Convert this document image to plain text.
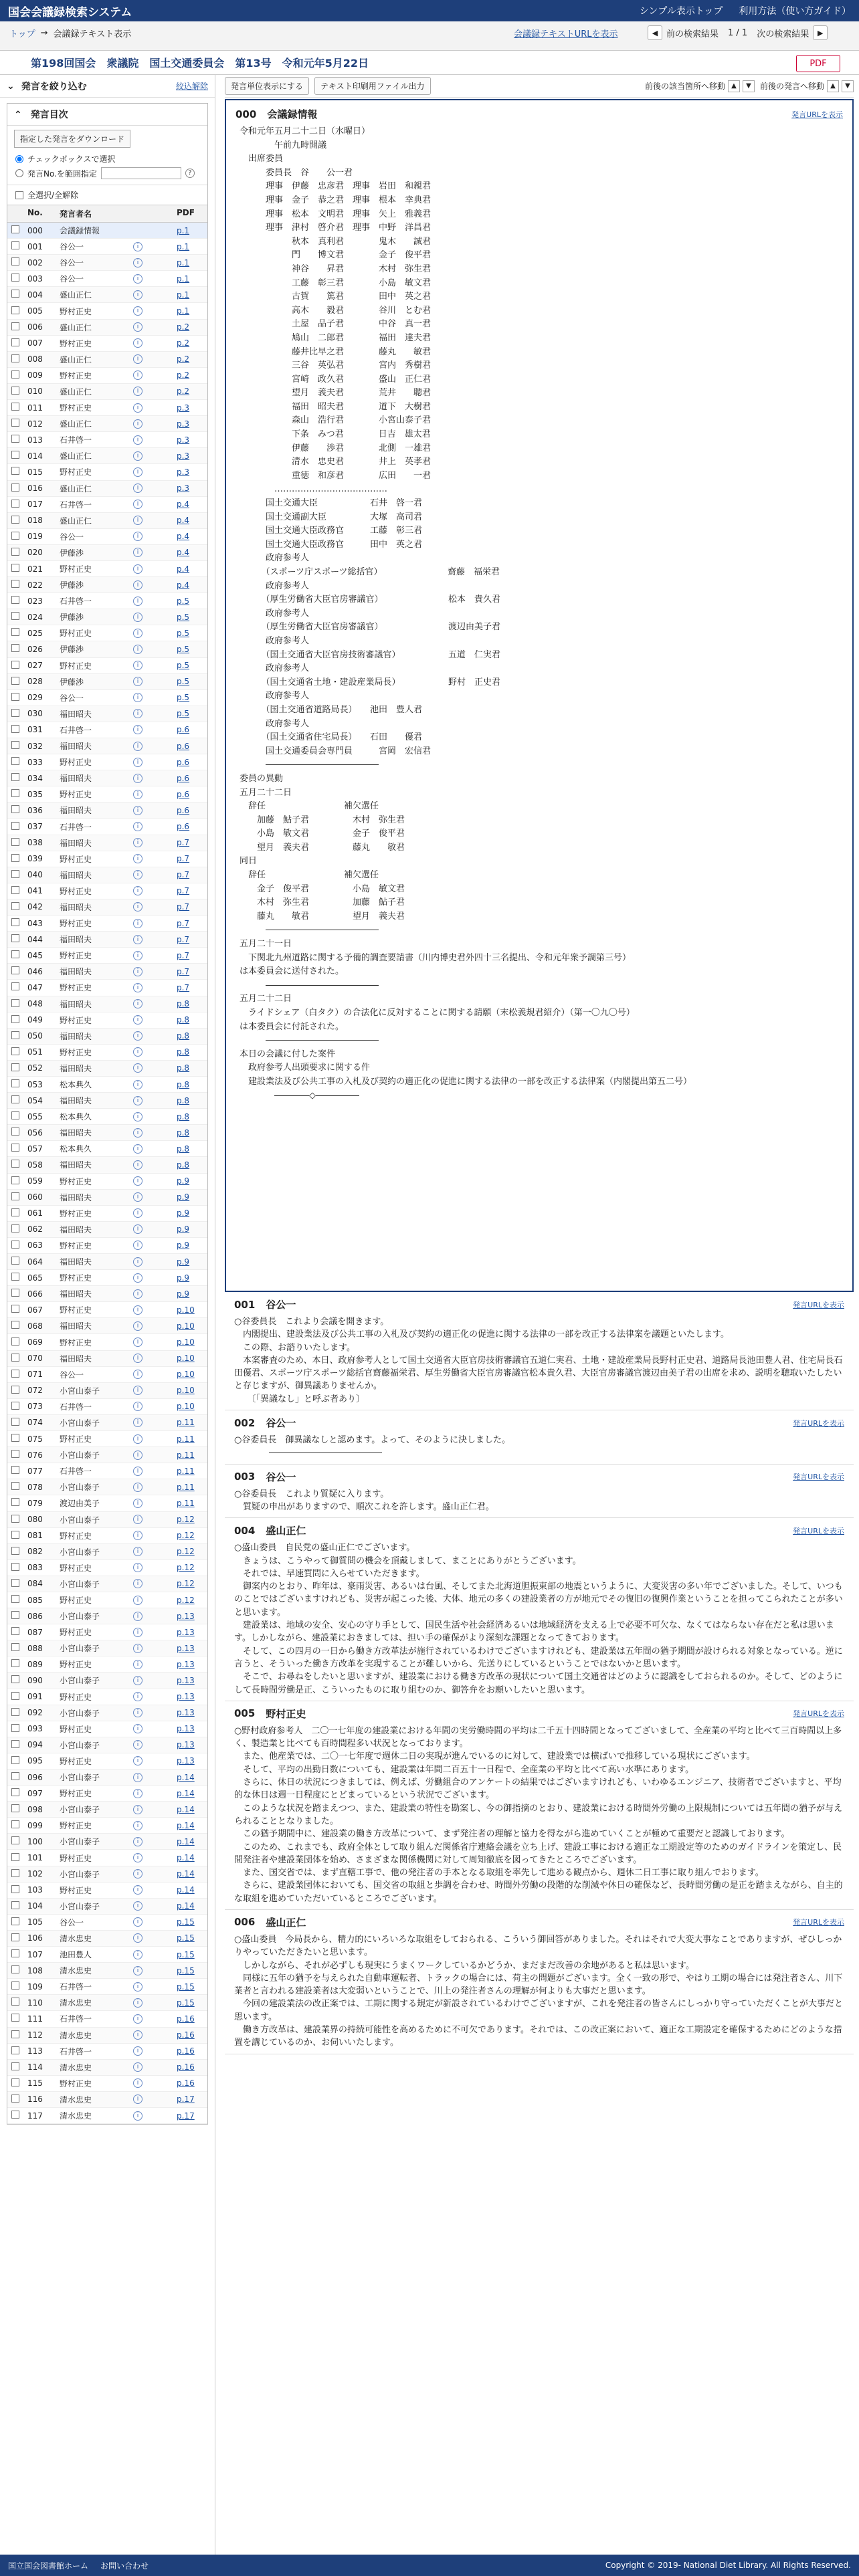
国会会議録検索システム	シンプル表示トップ 利用方法（使い方ガイド）
トップ → 会議録テキスト表示	会議録テキストURLを表示	◀ 前の検索結果 1 / 1 次の検索結果	▶
第198回国会　衆議院　国土交通委員会　第13号　令和元年5月22日	PDF
⌄ 発言を絞り込む	絞込解除
⌃ 発言目次
指定した発言をダウンロード
チェックボックスで選択
発言No.を範囲指定	?
全選択/全解除
No.	発言者名	PDF
000	会議録情報	p.1
001	谷公一	i	p.1
002	谷公一	i	p.1
003	谷公一	i	p.1
004	盛山正仁	i	p.1
005	野村正史	i	p.1
006	盛山正仁	i	p.2
007	野村正史	i	p.2
008	盛山正仁	i	p.2
009	野村正史	i	p.2
010	盛山正仁	i	p.2
011	野村正史	i	p.3
012	盛山正仁	i	p.3
013	石井啓一	i	p.3
014	盛山正仁	i	p.3
015	野村正史	i	p.3
016	盛山正仁	i	p.3
017	石井啓一	i	p.4
018	盛山正仁	i	p.4
019	谷公一	i	p.4
020	伊藤渉	i	p.4
021	野村正史	i	p.4
022	伊藤渉	i	p.4
023	石井啓一	i	p.5
024	伊藤渉	i	p.5
025	野村正史	i	p.5
026	伊藤渉	i	p.5
027	野村正史	i	p.5
028	伊藤渉	i	p.5
029	谷公一	i	p.5
030	福田昭夫	i	p.5
031	石井啓一	i	p.6
032	福田昭夫	i	p.6
033	野村正史	i	p.6
034	福田昭夫	i	p.6
035	野村正史	i	p.6
036	福田昭夫	i	p.6
037	石井啓一	i	p.6
038	福田昭夫	i	p.7
039	野村正史	i	p.7
040	福田昭夫	i	p.7
041	野村正史	i	p.7
042	福田昭夫	i	p.7
043	野村正史	i	p.7
044	福田昭夫	i	p.7
045	野村正史	i	p.7
046	福田昭夫	i	p.7
047	野村正史	i	p.7
048	福田昭夫	i	p.8
049	野村正史	i	p.8
050	福田昭夫	i	p.8
051	野村正史	i	p.8
052	福田昭夫	i	p.8
053	松本典久	i	p.8
054	福田昭夫	i	p.8
055	松本典久	i	p.8
056	福田昭夫	i	p.8
057	松本典久	i	p.8
058	福田昭夫	i	p.8
059	野村正史	i	p.9
060	福田昭夫	i	p.9
061	野村正史	i	p.9
062	福田昭夫	i	p.9
063	野村正史	i	p.9
064	福田昭夫	i	p.9
065	野村正史	i	p.9
066	福田昭夫	i	p.9
067	野村正史	i	p.10
068	福田昭夫	i	p.10
069	野村正史	i	p.10
070	福田昭夫	i	p.10
071	谷公一	i	p.10
072	小宮山泰子	i	p.10
073	石井啓一	i	p.10
074	小宮山泰子	i	p.11
075	野村正史	i	p.11
076	小宮山泰子	i	p.11
077	石井啓一	i	p.11
078	小宮山泰子	i	p.11
079	渡辺由美子	i	p.11
080	小宮山泰子	i	p.12
081	野村正史	i	p.12
082	小宮山泰子	i	p.12
083	野村正史	i	p.12
084	小宮山泰子	i	p.12
085	野村正史	i	p.12
086	小宮山泰子	i	p.13
087	野村正史	i	p.13
088	小宮山泰子	i	p.13
089	野村正史	i	p.13
090	小宮山泰子	i	p.13
091	野村正史	i	p.13
092	小宮山泰子	i	p.13
093	野村正史	i	p.13
094	小宮山泰子	i	p.13
095	野村正史	i	p.13
096	小宮山泰子	i	p.14
097	野村正史	i	p.14
098	小宮山泰子	i	p.14
099	野村正史	i	p.14
100	小宮山泰子	i	p.14
101	野村正史	i	p.14
102	小宮山泰子	i	p.14
103	野村正史	i	p.14
104	小宮山泰子	i	p.14
105	谷公一	i	p.15
106	清水忠史	i	p.15
107	池田豊人	i	p.15
108	清水忠史	i	p.15
109	石井啓一	i	p.15
110	清水忠史	i	p.15
111	石井啓一	i	p.16
112	清水忠史	i	p.16
113	石井啓一	i	p.16
114	清水忠史	i	p.16
115	野村正史	i	p.16
116	清水忠史	i	p.17
117	清水忠史	i	p.17
発言単位表示にする	テキスト印刷用ファイル出力	前後の該当箇所へ移動 ▲	▼	前後の発言へ移動 ▲	▼
000 会議録情報	発言URLを表示
令和元年五月二十二日（水曜日）
　　　　午前九時開議
　出席委員
　　　委員長　谷　　公一君
　　　理事　伊藤　忠彦君　理事　岩田　和親君
　　　理事　金子　恭之君　理事　根本　幸典君
　　　理事　松本　文明君　理事　矢上　雅義君
　　　理事　津村　啓介君　理事　中野　洋昌君
　　　　　　秋本　真利君　　　　鬼木　　誠君
　　　　　　門　　博文君　　　　金子　俊平君
　　　　　　神谷　　昇君　　　　木村　弥生君
　　　　　　工藤　彰三君　　　　小島　敏文君
　　　　　　古賀　　篤君　　　　田中　英之君
　　　　　　高木　　毅君　　　　谷川　とむ君
　　　　　　土屋　品子君　　　　中谷　真一君
　　　　　　鳩山　二郎君　　　　福田　達夫君
　　　　　　藤井比早之君　　　　藤丸　　敏君
　　　　　　三谷　英弘君　　　　宮内　秀樹君
　　　　　　宮崎　政久君　　　　盛山　正仁君
　　　　　　望月　義夫君　　　　荒井　　聰君
　　　　　　福田　昭夫君　　　　道下　大樹君
　　　　　　森山　浩行君　　　　小宮山泰子君
　　　　　　下条　みつ君　　　　日吉　雄太君
　　　　　　伊藤　　渉君　　　　北側　一雄君
　　　　　　清水　忠史君　　　　井上　英孝君
　　　　　　重徳　和彦君　　　　広田　　一君
　　　　…………………………………
　　　国土交通大臣　　　　　　石井　啓一君
　　　国土交通副大臣　　　　　大塚　高司君
　　　国土交通大臣政務官　　　工藤　彰三君
　　　国土交通大臣政務官　　　田中　英之君
　　　政府参考人
　　　（スポーツ庁スポーツ総括官）　　　　　　　　齋藤　福栄君
　　　政府参考人
　　　（厚生労働省大臣官房審議官）　　　　　　　　松本　貴久君
　　　政府参考人
　　　（厚生労働省大臣官房審議官）　　　　　　　　渡辺由美子君
　　　政府参考人
　　　（国土交通省大臣官房技術審議官）　　　　　　五道　仁実君
　　　政府参考人
　　　（国土交通省土地・建設産業局長）　　　　　　野村　正史君
　　　政府参考人
　　　（国土交通省道路局長）　　池田　豊人君
　　　政府参考人
　　　（国土交通省住宅局長）　　石田　　優君
　　　国土交通委員会専門員　　　宮岡　宏信君
　　　―――――――――――――
委員の異動
五月二十二日
　辞任　　　　　　　　　補欠選任
　　加藤　鮎子君　　　　　木村　弥生君
　　小島　敏文君　　　　　金子　俊平君
　　望月　義夫君　　　　　藤丸　　敏君
同日
　辞任　　　　　　　　　補欠選任
　　金子　俊平君　　　　　小島　敏文君
　　木村　弥生君　　　　　加藤　鮎子君
　　藤丸　　敏君　　　　　望月　義夫君
　　　―――――――――――――
五月二十一日
　下関北九州道路に関する予備的調査要請書（川内博史君外四十三名提出、令和元年衆予調第三号）
は本委員会に送付された。
　　　―――――――――――――
五月二十二日
　ライドシェア（白タク）の合法化に反対することに関する請願（末松義規君紹介）（第一〇九〇号）
は本委員会に付託された。
　　　―――――――――――――
本日の会議に付した案件
　政府参考人出頭要求に関する件
　建設業法及び公共工事の入札及び契約の適正化の促進に関する法律の一部を改正する法律案（内閣提出第五二号）
　　　　――――◇―――――
001 谷公一	発言URLを表示
○谷委員長　これより会議を開きます。
　内閣提出、建設業法及び公共工事の入札及び契約の適正化の促進に関する法律の一部を改正する法律案を議題といたします。
　この際、お諮りいたします。
　本案審査のため、本日、政府参考人として国土交通省大臣官房技術審議官五道仁実君、土地・建設産業局長野村正史君、道路局長池田豊人君、住宅局長石田優君、スポーツ庁スポーツ総括官齋藤福栄君、厚生労働省大臣官房審議官松本貴久君、大臣官房審議官渡辺由美子君の出席を求め、説明を聴取いたしたいと存じますが、御異議ありませんか。
　　〔「異議なし」と呼ぶ者あり〕
002 谷公一	発言URLを表示
○谷委員長　御異議なしと認めます。よって、そのように決しました。
　　　　―――――――――――――
003 谷公一	発言URLを表示
○谷委員長　これより質疑に入ります。
　質疑の申出がありますので、順次これを許します。盛山正仁君。
004 盛山正仁	発言URLを表示
○盛山委員　自民党の盛山正仁でございます。
　きょうは、こうやって御質問の機会を頂戴しまして、まことにありがとうございます。
　それでは、早速質問に入らせていただきます。
　御案内のとおり、昨年は、豪雨災害、あるいは台風、そしてまた北海道胆振東部の地震というように、大変災害の多い年でございました。そして、いつものことではございますけれども、災害が起こった後、大体、地元の多くの建設業者の方が地元でその復旧の復興作業ということを担ってこられたことが多いと思います。
　建設業は、地域の安全、安心の守り手として、国民生活や社会経済あるいは地域経済を支える上で必要不可欠な、なくてはならない存在だと私は思います。しかしながら、建設業におきましては、担い手の確保がより深刻な課題となってきております。
　そして、この四月の一日から働き方改革法が施行されているわけでございますけれども、建設業は五年間の猶予期間が設けられる対象となっている。逆に言うと、そういった働き方改革を実現することが難しいから、先送りにしているということではないかと思います。
　そこで、お尋ねをしたいと思いますが、建設業における働き方改革の現状について国土交通省はどのように認識をしておられるのか。そして、どのようにして長時間労働是正、こういったものに取り組むのか、御答弁をお願いしたいと思います。
005 野村正史	発言URLを表示
○野村政府参考人　二〇一七年度の建設業における年間の実労働時間の平均は二千五十四時間となってございまして、全産業の平均と比べて三百時間以上多く、製造業と比べても百時間程多い状況となっております。
　また、他産業では、二〇一七年度で週休二日の実現が進んでいるのに対して、建設業では横ばいで推移している現状にございます。
　そして、平均の出勤日数についても、建設業は年間二百五十一日程で、全産業の平均と比べて高い水準にあります。
　さらに、休日の状況につきましては、例えば、労働組合のアンケートの結果ではございますけれども、いわゆるエンジニア、技術者でございますと、平均的な休日は週一日程度にとどまっているという状況でございます。
　このような状況を踏まえつつ、また、建設業の特性を勘案し、今の御指摘のとおり、建設業における時間外労働の上限規制については五年間の猶予が与えられることとなりました。
　この猶予期間中に、建設業の働き方改革について、まず発注者の理解と協力を得ながら進めていくことが極めて重要だと認識しております。
　このため、これまでも、政府全体として取り組んだ関係省庁連絡会議を立ち上げ、建設工事における適正な工期設定等のためのガイドラインを策定し、民間発注者や建設業団体を始め、さまざまな関係機関に対して周知徹底を図ってきたところでございます。
　また、国交省では、まず直轄工事で、他の発注者の手本となる取組を率先して進める観点から、週休二日工事に取り組んでおります。
　さらに、建設業団体においても、国交省の取組と歩調を合わせ、時間外労働の段階的な削減や休日の確保など、長時間労働の是正を踏まえながら、自主的な取組を進めていただいているところでございます。
006 盛山正仁	発言URLを表示
○盛山委員　今局長から、精力的にいろいろな取組をしておられる、こういう御回答がありました。それはそれで大変大事なことでありますが、ぜひしっかりやっていただきたいと思います。
　しかしながら、それが必ずしも現実にうまくワークしているかどうか、まだまだ改善の余地があると私は思います。
　同様に五年の猶予を与えられた自動車運転者、トラックの場合には、荷主の問題がございます。全く一致の形で、やはり工期の場合には発注者さん、川下業者と言われる建設業者は大変弱いということで、川上の発注者さんの理解が何よりも大事だと思います。
　今回の建設業法の改正案では、工期に関する規定が新設されているわけでございますが、これを発注者の皆さんにしっかり守っていただくことが大事だと思います。
　働き方改革は、建設業界の持続可能性を高めるために不可欠であります。それでは、この改正案において、適正な工期設定を確保するためにどのような措置を講じているのか、お伺いいたします。
国立国会図書館ホーム お問い合わせ	Copyright © 2019- National Diet Library. All Rights Reserved.
